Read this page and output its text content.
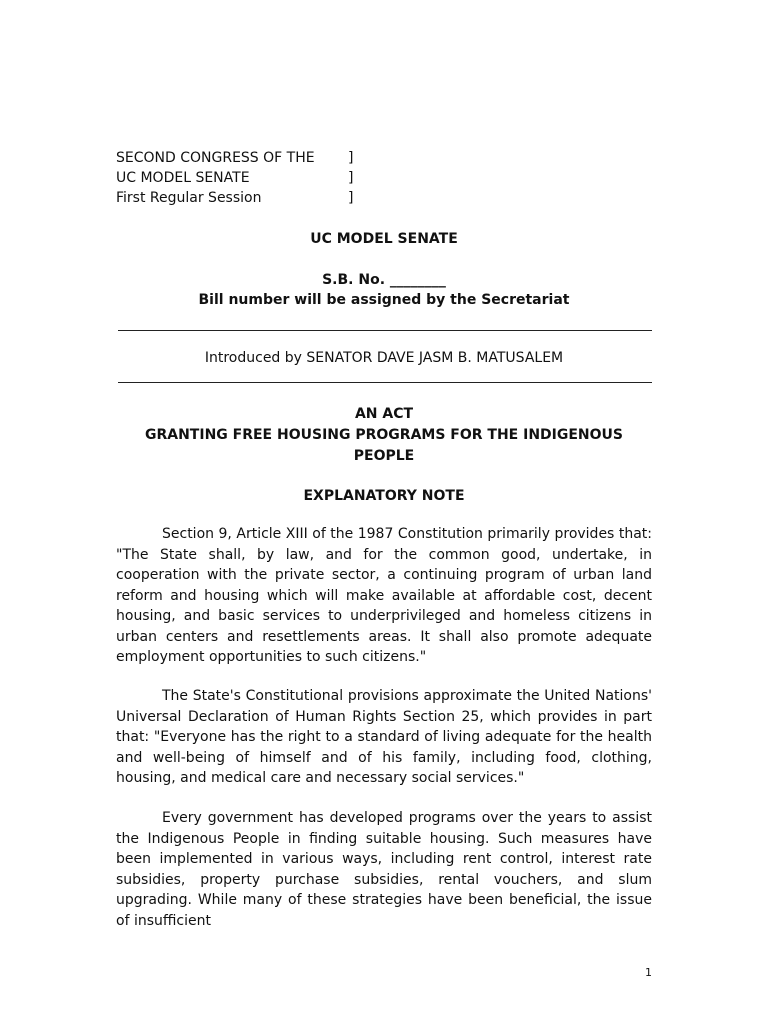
SECOND CONGRESS OF THE ]
UC MODEL SENATE	]
First Regular Session	]
UC MODEL SENATE
S.B. No. ________
Bill number will be assigned by the Secretariat
Introduced by SENATOR DAVE JASM B. MATUSALEM
AN ACT
GRANTING FREE HOUSING PROGRAMS FOR THE INDIGENOUS PEOPLE
EXPLANATORY NOTE

Section 9, Article XIII of the 1987 Constitution primarily provides that: "The State shall, by law, and for the common good, undertake, in cooperation with the private sector, a continuing program of urban land reform and housing which will make available at affordable cost, decent housing, and basic services to underprivileged and homeless citizens in urban centers and resettlements areas. It shall also promote adequate employment opportunities to such citizens."

The State's Constitutional provisions approximate the United Nations' Universal Declaration of Human Rights Section 25, which provides in part that: "Everyone has the right to a standard of living adequate for the health and well-being of himself and of his family, including food, clothing, housing, and medical care and necessary social services."

Every government has developed programs over the years to assist the Indigenous People in finding suitable housing. Such measures have been implemented in various ways, including rent control, interest rate subsidies, property purchase subsidies, rental vouchers, and slum upgrading. While many of these strategies have been beneficial, the issue of insufficient

1
